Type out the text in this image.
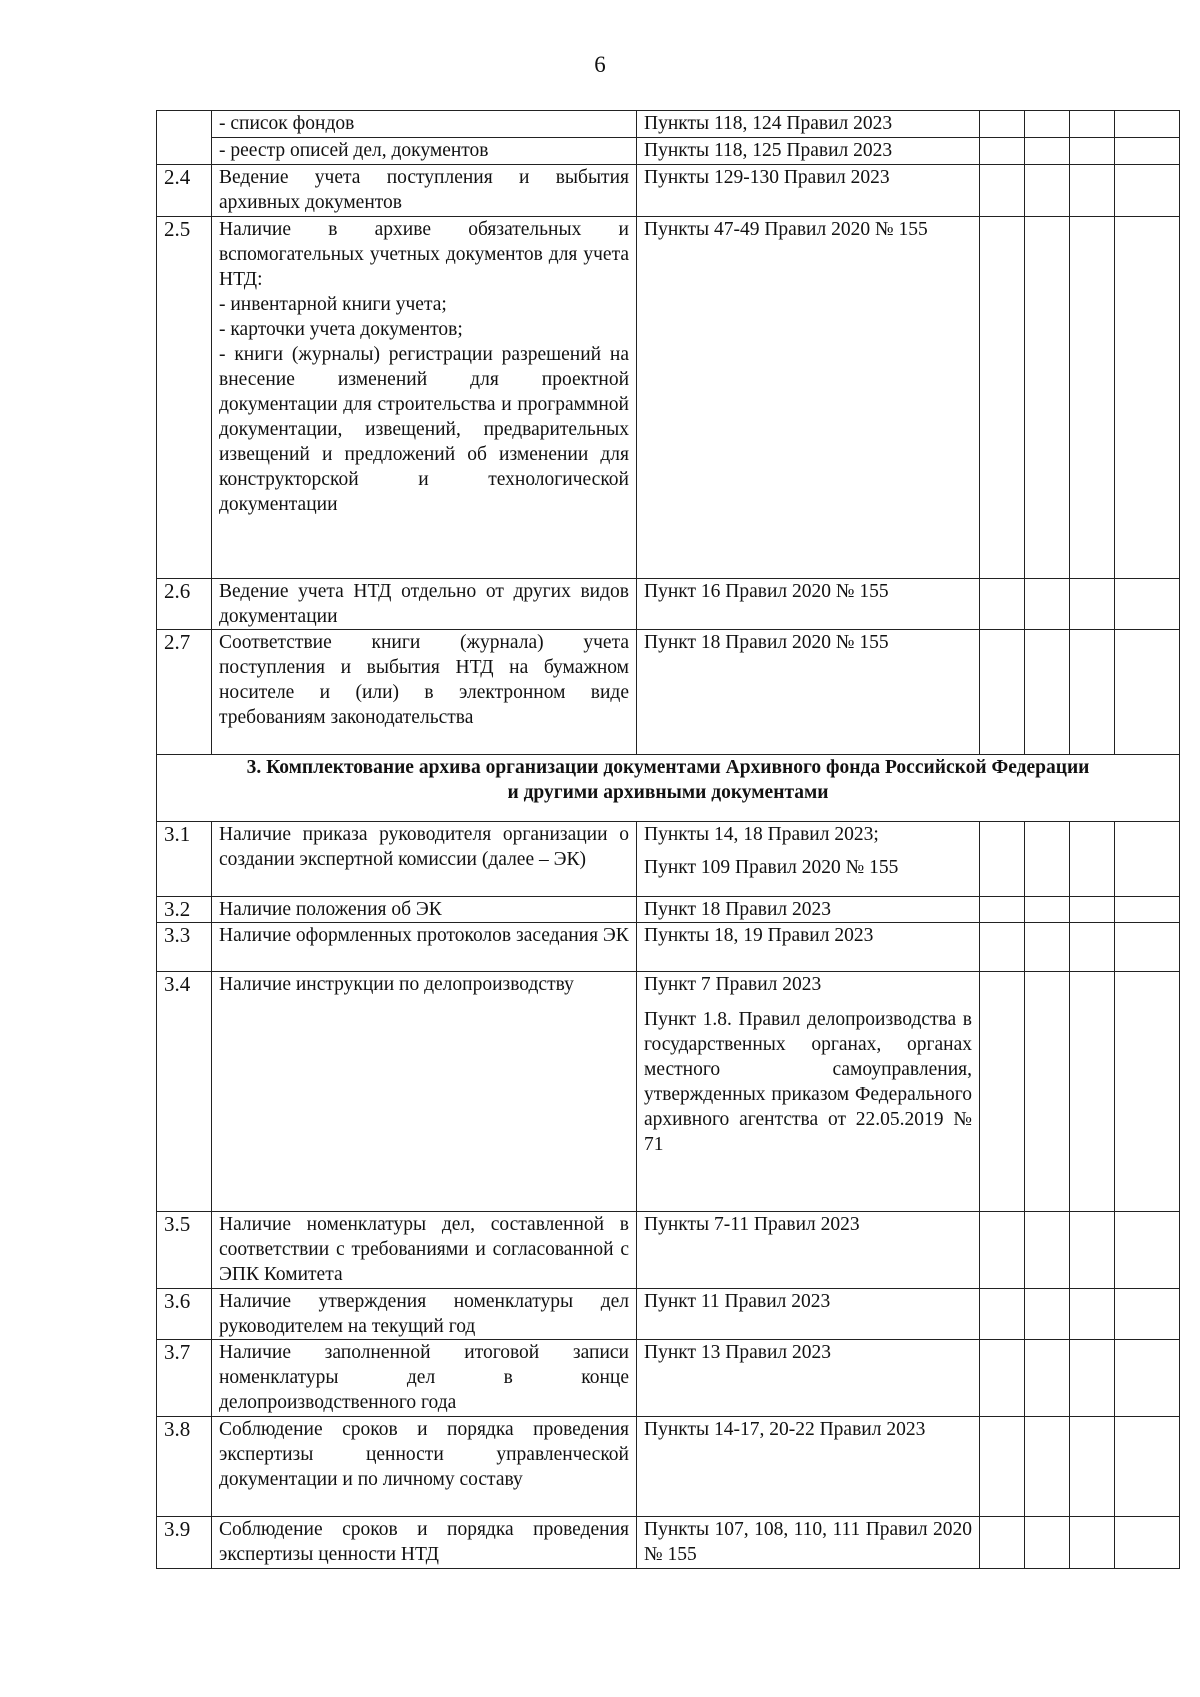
6
	- список фондов	Пункты 118, 124 Правил 2023				
	- реестр описей дел, документов	Пункты 118, 125 Правил 2023				
2.4	Ведение учета поступления и выбытия архивных документов	Пункты 129-130 Правил 2023				
2.5	Наличие в архиве обязательных и вспомогательных учетных документов для учета НТД:
- инвентарной книги учета;
- карточки учета документов;
- книги (журналы) регистрации разрешений на внесение изменений для проектной документации для строительства и программной документации, извещений, предварительных извещений и предложений об изменении для конструкторской и технологической документации	Пункты 47-49 Правил 2020 № 155				
2.6	Ведение учета НТД отдельно от других видов документации	Пункт 16 Правил 2020 № 155				
2.7	Соответствие книги (журнала) учета поступления и выбытия НТД на бумажном носителе и (или) в электронном виде требованиям законодательства	Пункт 18 Правил 2020 № 155				

3. Комплектование архива организации документами Архивного фонда Российской Федерации
и другими архивными документами						

3.1	Наличие приказа руководителя организации о создании экспертной комиссии (далее – ЭК)	Пункты 14, 18 Правил 2023;
Пункт 109 Правил 2020 № 155				

3.2	Наличие положения об ЭК	Пункт 18 Правил 2023				
3.3	Наличие оформленных протоколов заседания ЭК	Пункты 18, 19 Правил 2023				
3.4	Наличие инструкции по делопроизводству	Пункт 7 Правил 2023
Пункт 1.8. Правил делопроизводства в государственных органах, органах местного самоуправления, утвержденных приказом Федерального архивного агентства от 22.05.2019 № 71				

3.5	Наличие номенклатуры дел, составленной в соответствии с требованиями и согласованной с ЭПК Комитета	Пункты 7-11 Правил 2023				
3.6	Наличие утверждения номенклатуры дел руководителем на текущий год	Пункт 11 Правил 2023				
3.7	Наличие заполненной итоговой записи номенклатуры дел в конце делопроизводственного года	Пункт 13 Правил 2023				
3.8	Соблюдение сроков и порядка проведения экспертизы ценности управленческой документации и по личному составу	Пункты 14-17, 20-22 Правил 2023				
3.9	Соблюдение сроков и порядка проведения экспертизы ценности НТД	Пункты 107, 108, 110, 111 Правил 2020 № 155				
